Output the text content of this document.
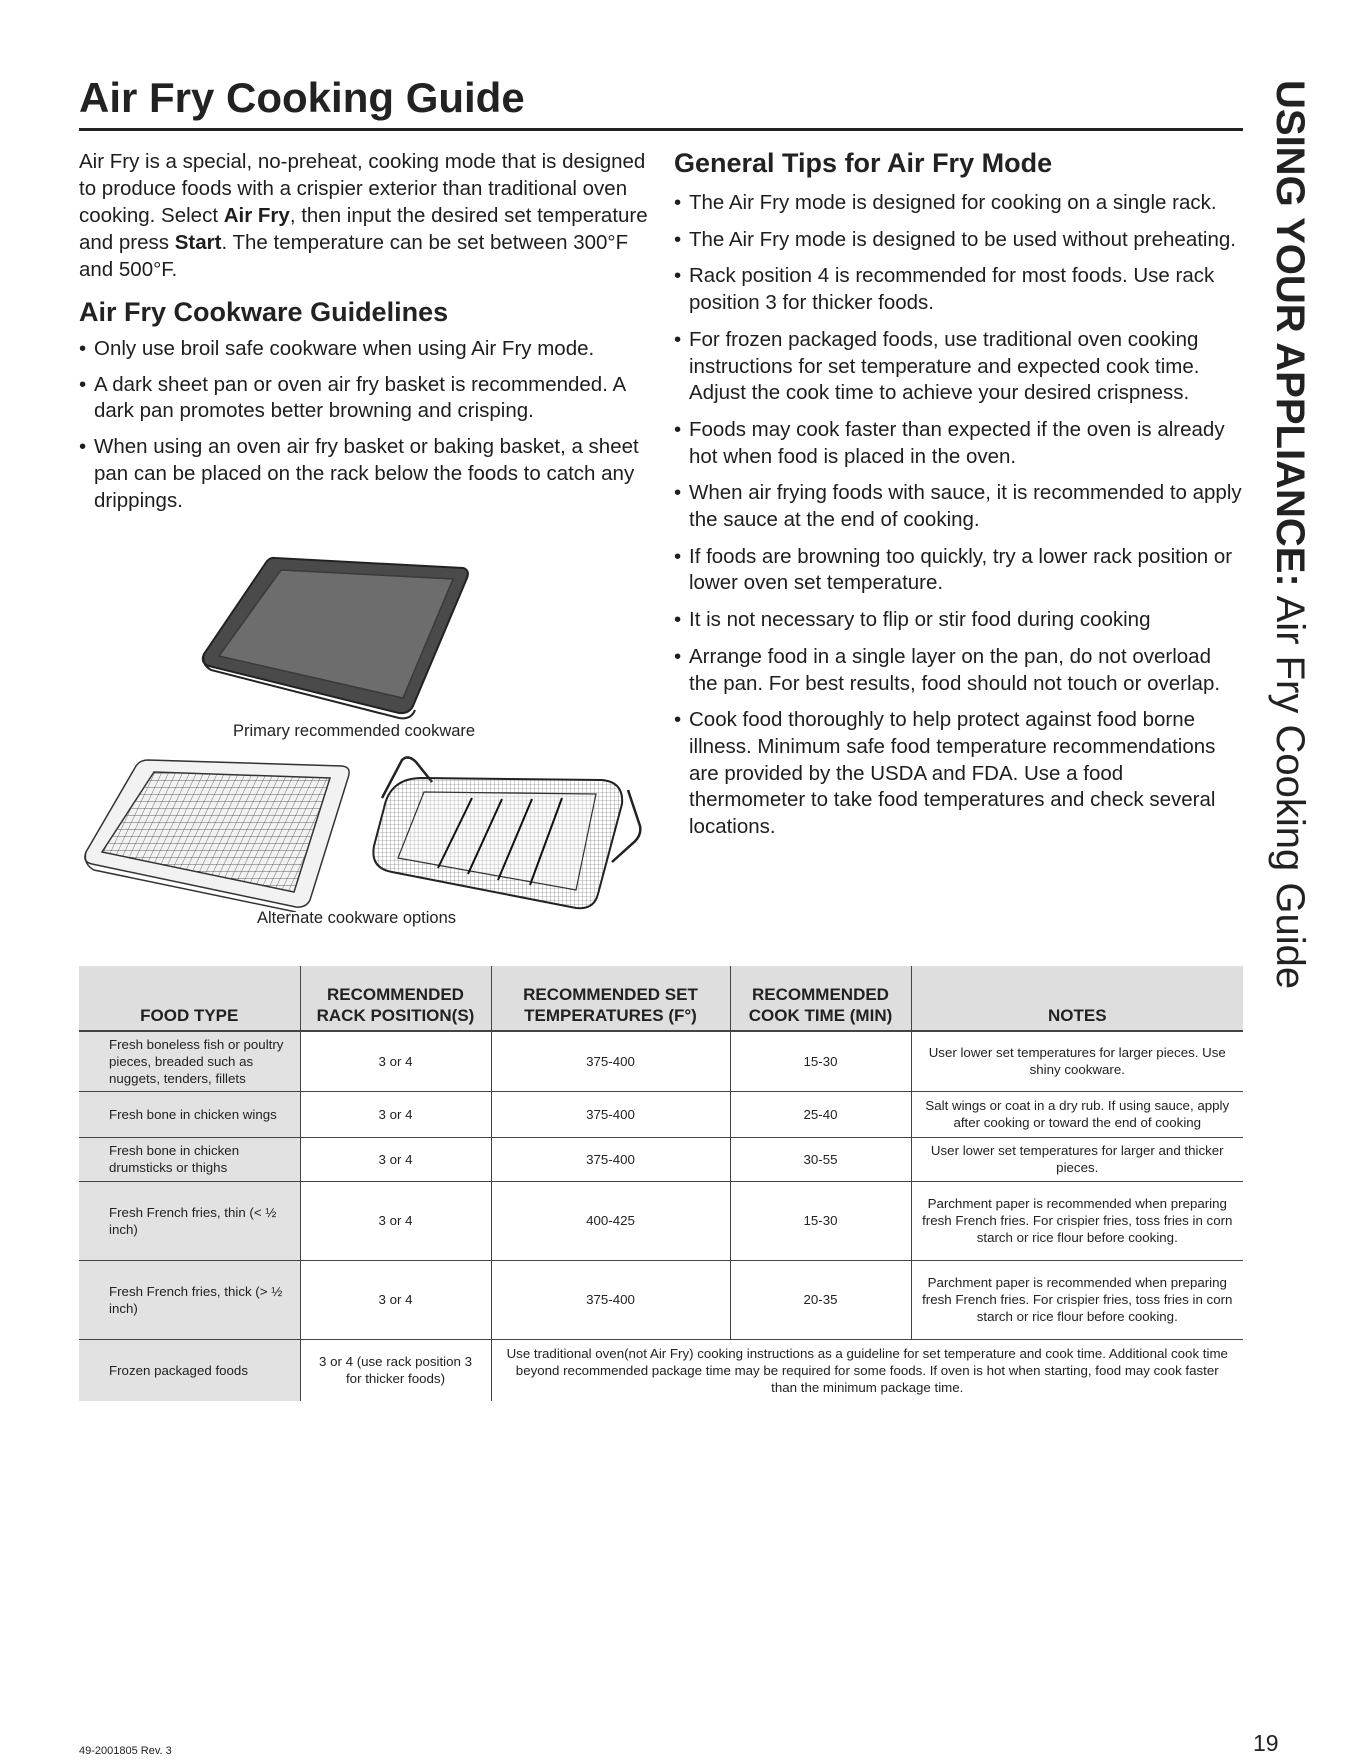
Air Fry Cooking Guide

Air Fry is a special, no-preheat, cooking mode that is designed to produce foods with a crispier exterior than traditional oven cooking. Select Air Fry, then input the desired set temperature and press Start. The temperature can be set between 300°F and 500°F.

Air Fry Cookware Guidelines
• Only use broil safe cookware when using Air Fry mode.
• A dark sheet pan or oven air fry basket is recommended. A dark pan promotes better browning and crisping.
• When using an oven air fry basket or baking basket, a sheet pan can be placed on the rack below the foods to catch any drippings.
Primary recommended cookware
Alternate cookware options
General Tips for Air Fry Mode
• The Air Fry mode is designed for cooking on a single rack.
• The Air Fry mode is designed to be used without preheating.
• Rack position 4 is recommended for most foods. Use rack position 3 for thicker foods.
• For frozen packaged foods, use traditional oven cooking instructions for set temperature and expected cook time. Adjust the cook time to achieve your desired crispness.
• Foods may cook faster than expected if the oven is already hot when food is placed in the oven.
• When air frying foods with sauce, it is recommended to apply the sauce at the end of cooking.
• If foods are browning too quickly, try a lower rack position or lower oven set temperature.
• It is not necessary to flip or stir food during cooking
• Arrange food in a single layer on the pan, do not overload the pan. For best results, food should not touch or overlap.
• Cook food thoroughly to help protect against food borne illness. Minimum safe food temperature recommendations are provided by the USDA and FDA. Use a food thermometer to take food temperatures and check several locations.
USING YOUR APPLIANCE: Air Fry Cooking Guide
FOOD TYPE	RECOMMENDED RACK POSITION(S)	RECOMMENDED SET TEMPERATURES (F°)	RECOMMENDED COOK TIME (MIN)	NOTES
Fresh boneless fish or poultry pieces, breaded such as nuggets, tenders, fillets	3 or 4	375-400	15-30	User lower set temperatures for larger pieces. Use shiny cookware.
Fresh bone in chicken wings	3 or 4	375-400	25-40	Salt wings or coat in a dry rub. If using sauce, apply after cooking or toward the end of cooking
Fresh bone in chicken drumsticks or thighs	3 or 4	375-400	30-55	User lower set temperatures for larger and thicker pieces.
Fresh French fries, thin (< ½ inch)	3 or 4	400-425	15-30	Parchment paper is recommended when preparing fresh French fries. For crispier fries, toss fries in corn starch or rice flour before cooking.
Fresh French fries, thick (> ½ inch)	3 or 4	375-400	20-35	Parchment paper is recommended when preparing fresh French fries. For crispier fries, toss fries in corn starch or rice flour before cooking.
Frozen packaged foods	3 or 4 (use rack position 3 for thicker foods)	Use traditional oven(not Air Fry) cooking instructions as a guideline for set temperature and cook time. Additional cook time beyond recommended package time may be required for some foods. If oven is hot when starting, food may cook faster than the minimum package time.		
49-2001805 Rev. 3	19
